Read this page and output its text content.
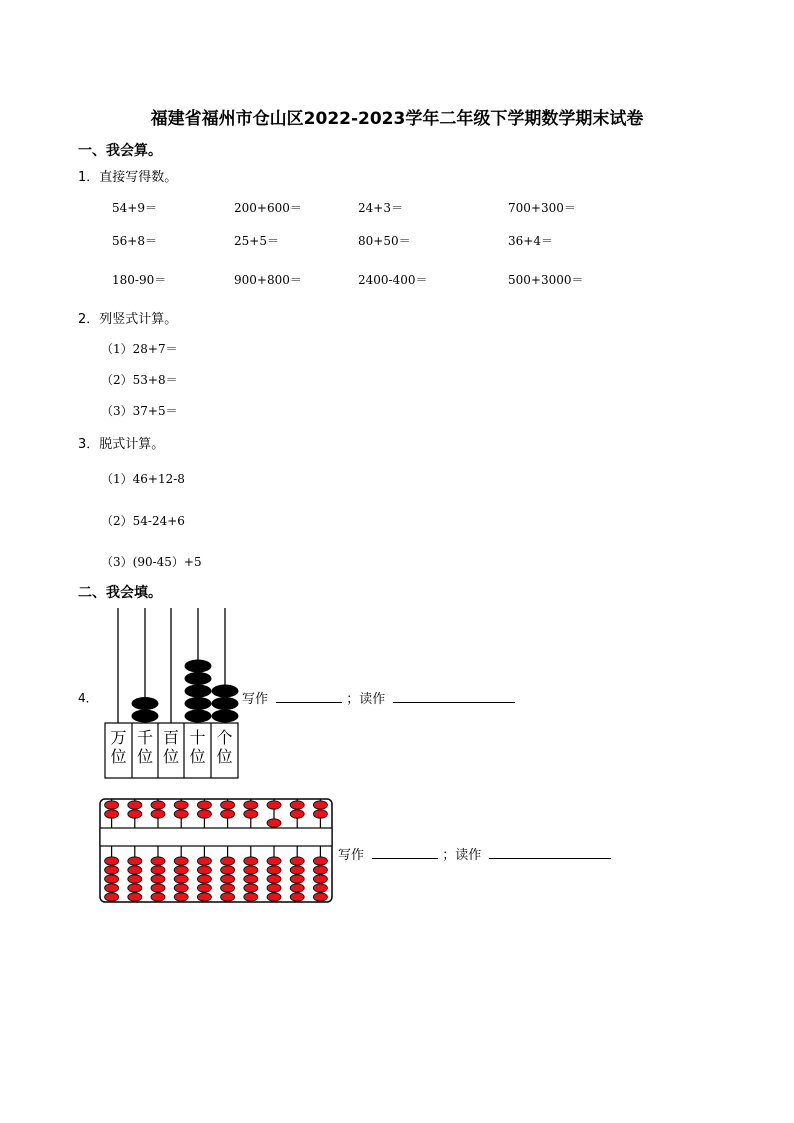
福建省福州市仓山区2022-2023学年二年级下学期数学期末试卷
一、我会算。
1．直接写得数。
54+9＝	200+600＝	24+3＝	700+300＝
56+8＝	25+5＝	80+50＝	36+4＝
180-90＝	900+800＝	2400-400＝	500+3000＝
2．列竖式计算。
（1）28+7＝
（2）53+8＝
（3）37+5＝
3．脱式计算。
（1）46+12-8
（2）54-24+6
（3）(90-45）+5
二、我会填。
4．
万
位
千
位
百
位
十
位
个
位
写作	；读作
写作	；读作
